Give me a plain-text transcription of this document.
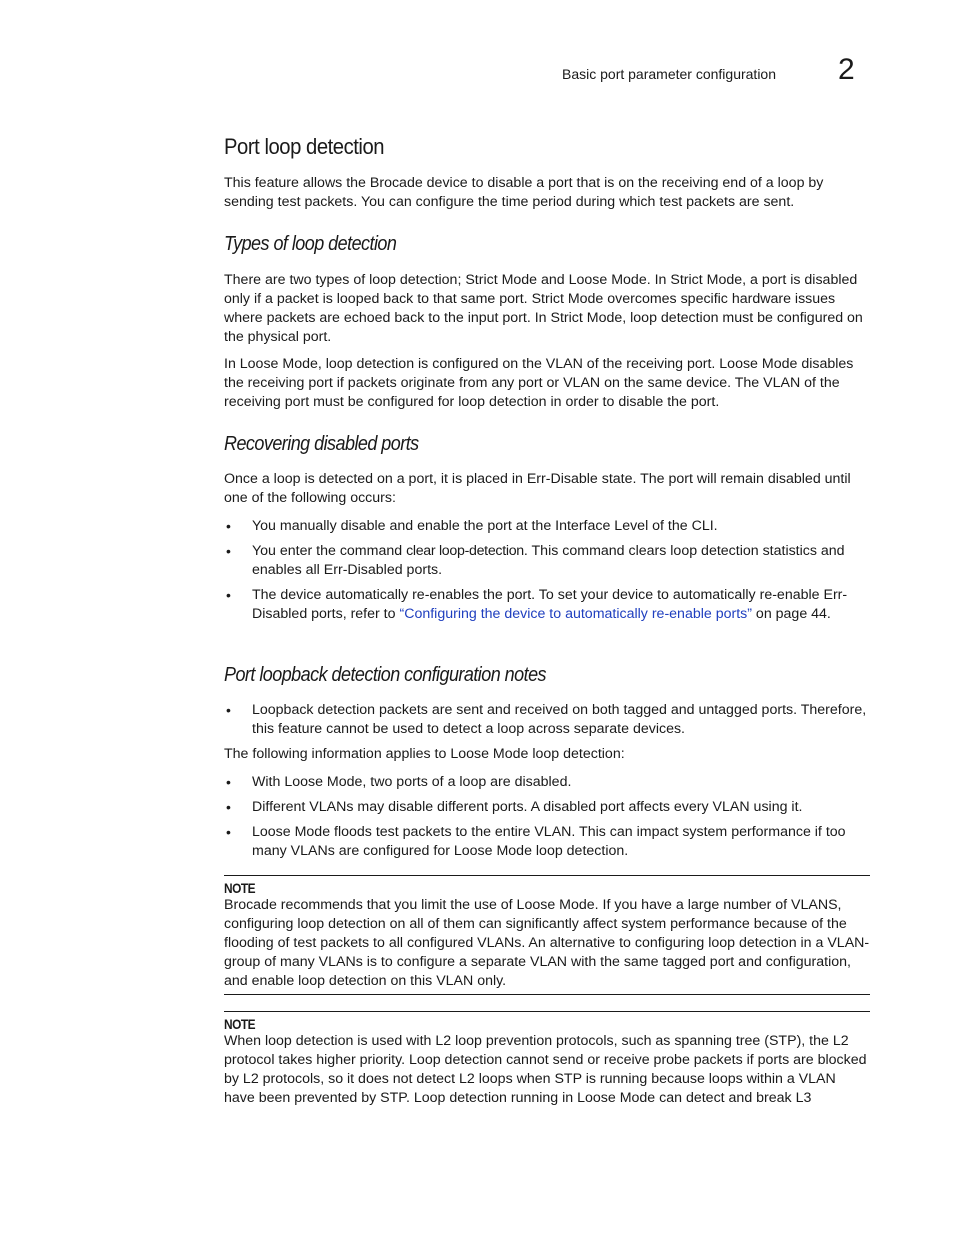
Basic port parameter configuration 2
Port loop detection

This feature allows the Brocade device to disable a port that is on the receiving end of a loop by sending test packets. You can configure the time period during which test packets are sent.

Types of loop detection

There are two types of loop detection; Strict Mode and Loose Mode. In Strict Mode, a port is disabled only if a packet is looped back to that same port. Strict Mode overcomes specific hardware issues where packets are echoed back to the input port. In Strict Mode, loop detection must be configured on the physical port.

In Loose Mode, loop detection is configured on the VLAN of the receiving port. Loose Mode disables the receiving port if packets originate from any port or VLAN on the same device. The VLAN of the receiving port must be configured for loop detection in order to disable the port.

Recovering disabled ports

Once a loop is detected on a port, it is placed in Err-Disable state. The port will remain disabled until one of the following occurs:

• You manually disable and enable the port at the Interface Level of the CLI.
• You enter the command clear loop-detection. This command clears loop detection statistics and enables all Err-Disabled ports.
• The device automatically re-enables the port. To set your device to automatically re-enable Err-Disabled ports, refer to “Configuring the device to automatically re-enable ports” on page 44.
Port loopback detection configuration notes
• Loopback detection packets are sent and received on both tagged and untagged ports. Therefore, this feature cannot be used to detect a loop across separate devices.

The following information applies to Loose Mode loop detection:

• With Loose Mode, two ports of a loop are disabled.
• Different VLANs may disable different ports. A disabled port affects every VLAN using it.
• Loose Mode floods test packets to the entire VLAN. This can impact system performance if too many VLANs are configured for Loose Mode loop detection.
NOTE

Brocade recommends that you limit the use of Loose Mode. If you have a large number of VLANS, configuring loop detection on all of them can significantly affect system performance because of the flooding of test packets to all configured VLANs. An alternative to configuring loop detection in a VLAN-group of many VLANs is to configure a separate VLAN with the same tagged port and configuration, and enable loop detection on this VLAN only.

NOTE

When loop detection is used with L2 loop prevention protocols, such as spanning tree (STP), the L2 protocol takes higher priority. Loop detection cannot send or receive probe packets if ports are blocked by L2 protocols, so it does not detect L2 loops when STP is running because loops within a VLAN have been prevented by STP. Loop detection running in Loose Mode can detect and break L3
